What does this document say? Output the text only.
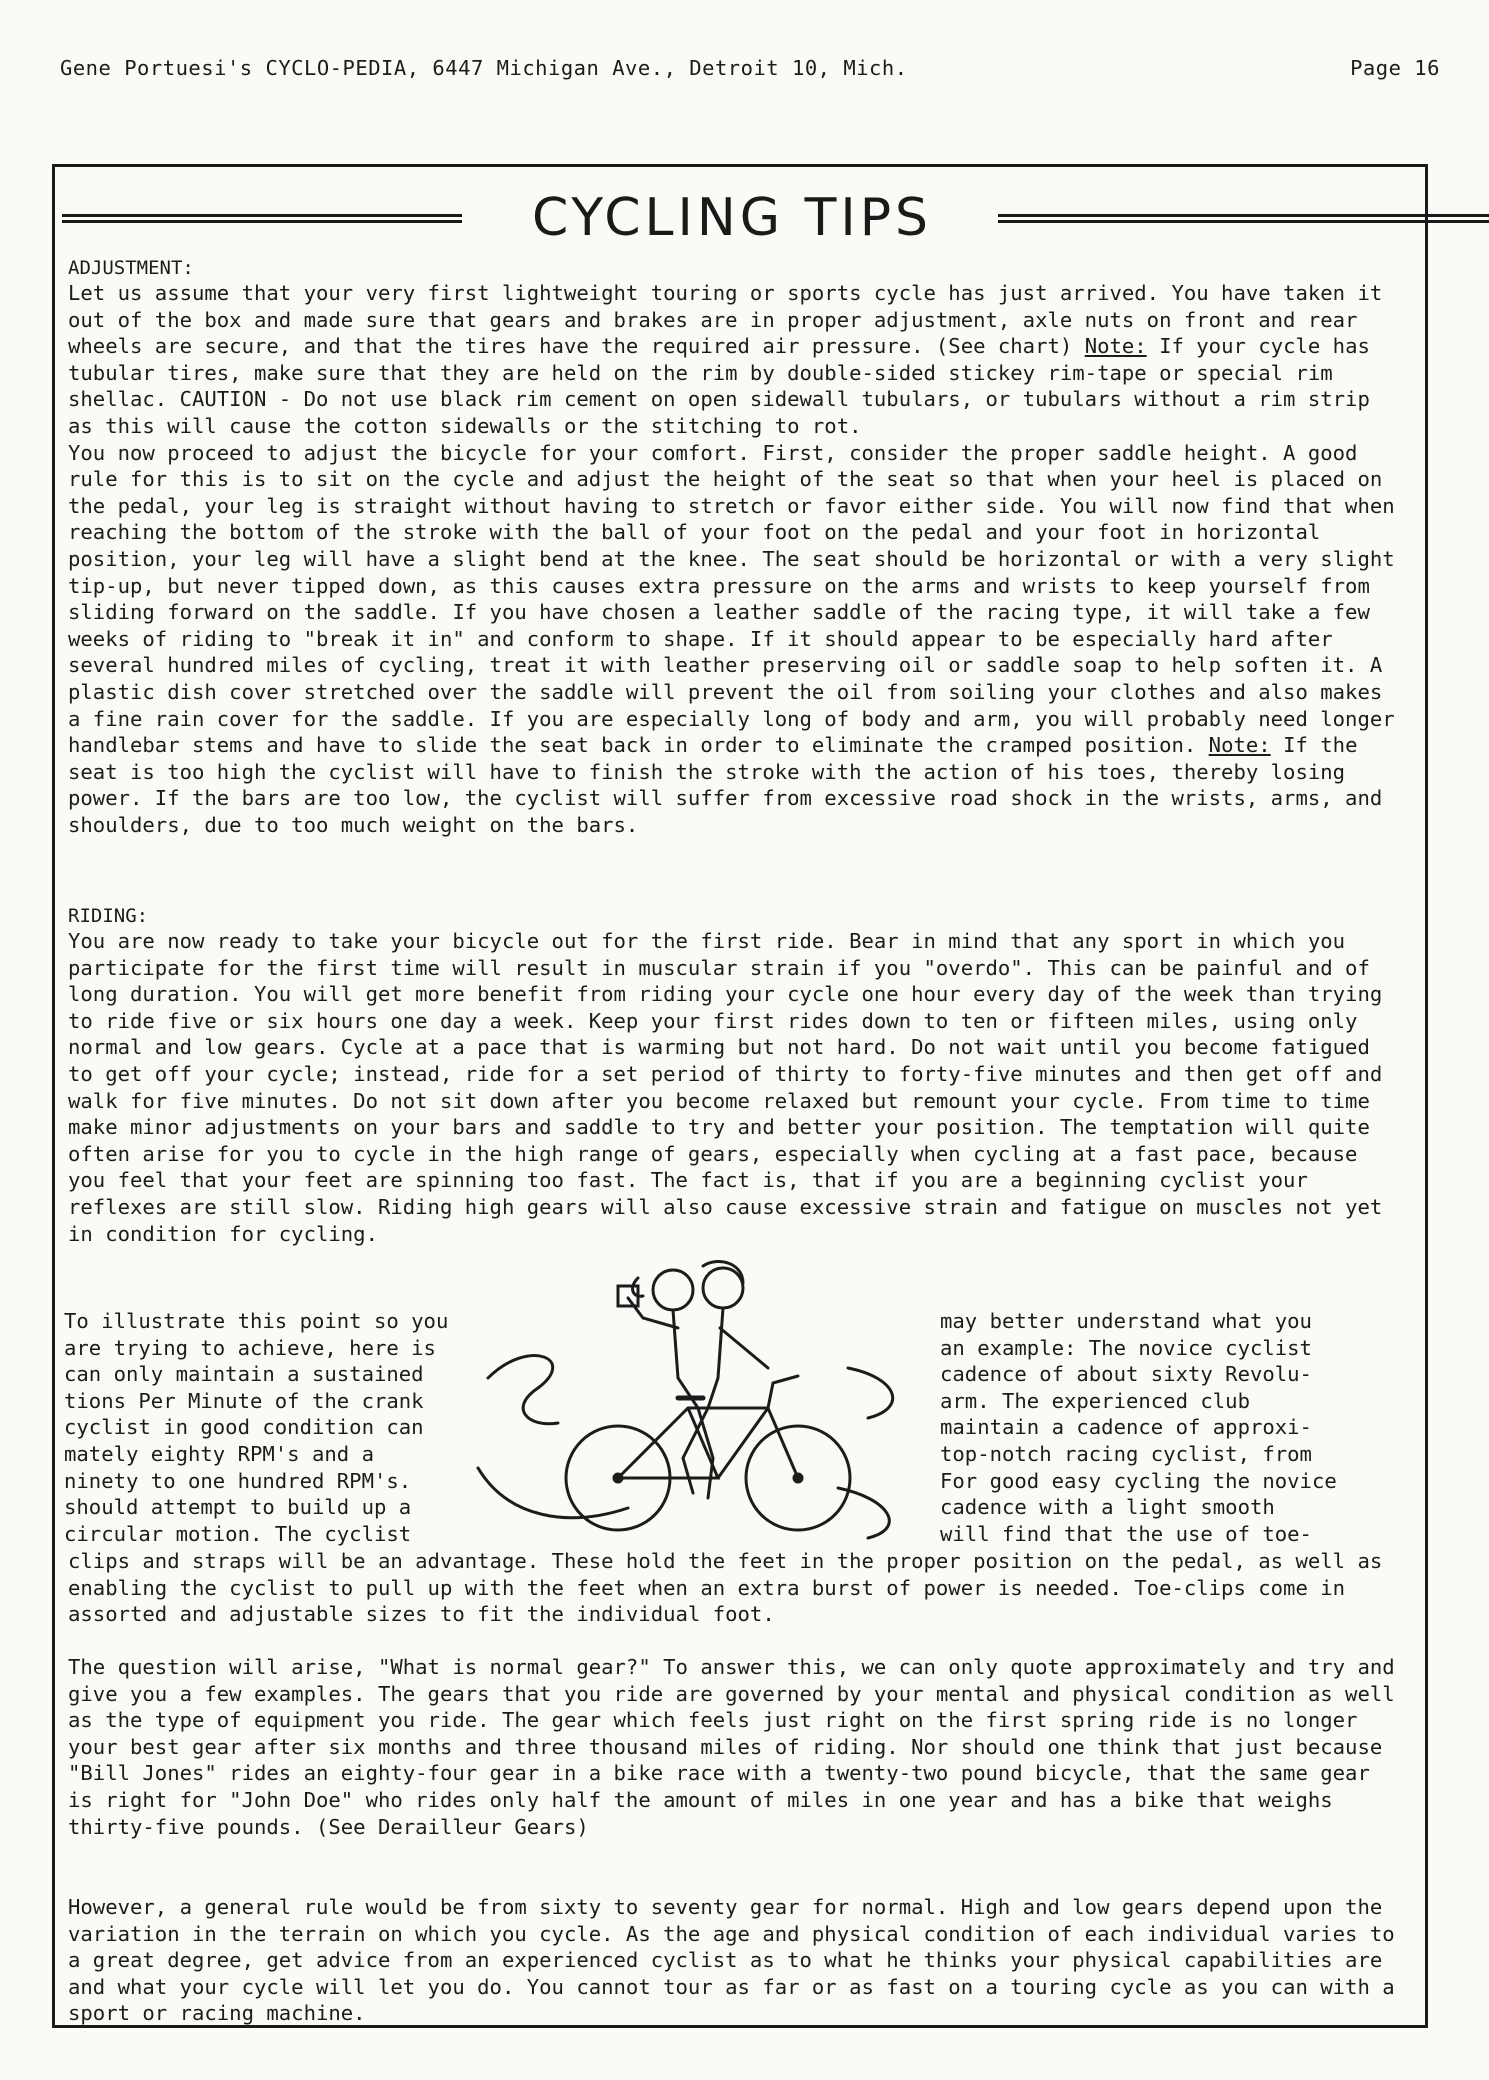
Gene Portuesi's CYCLO-PEDIA, 6447 Michigan Ave., Detroit 10, Mich.	Page 16
CYCLING TIPS
ADJUSTMENT:

Let us assume that your very first lightweight touring or sports cycle has just arrived. You have taken it out of the box and made sure that gears and brakes are in proper adjustment, axle nuts on front and rear wheels are secure, and that the tires have the required air pressure. (See chart) Note: If your cycle has tubular tires, make sure that they are held on the rim by double-sided stickey rim-tape or special rim shellac. CAUTION - Do not use black rim cement on open sidewall tubulars, or tubulars without a rim strip as this will cause the cotton sidewalls or the stitching to rot.

You now proceed to adjust the bicycle for your comfort. First, consider the proper saddle height. A good rule for this is to sit on the cycle and adjust the height of the seat so that when your heel is placed on the pedal, your leg is straight without having to stretch or favor either side. You will now find that when reaching the bottom of the stroke with the ball of your foot on the pedal and your foot in horizontal position, your leg will have a slight bend at the knee. The seat should be horizontal or with a very slight tip-up, but never tipped down, as this causes extra pressure on the arms and wrists to keep yourself from sliding forward on the saddle. If you have chosen a leather saddle of the racing type, it will take a few weeks of riding to "break it in" and conform to shape. If it should appear to be especially hard after several hundred miles of cycling, treat it with leather preserving oil or saddle soap to help soften it. A plastic dish cover stretched over the saddle will prevent the oil from soiling your clothes and also makes a fine rain cover for the saddle. If you are especially long of body and arm, you will probably need longer handlebar stems and have to slide the seat back in order to eliminate the cramped position. Note: If the seat is too high the cyclist will have to finish the stroke with the action of his toes, thereby losing power. If the bars are too low, the cyclist will suffer from excessive road shock in the wrists, arms, and shoulders, due to too much weight on the bars.

RIDING:

You are now ready to take your bicycle out for the first ride. Bear in mind that any sport in which you participate for the first time will result in muscular strain if you "overdo". This can be painful and of long duration. You will get more benefit from riding your cycle one hour every day of the week than trying to ride five or six hours one day a week. Keep your first rides down to ten or fifteen miles, using only normal and low gears. Cycle at a pace that is warming but not hard. Do not wait until you become fatigued to get off your cycle; instead, ride for a set period of thirty to forty-five minutes and then get off and walk for five minutes. Do not sit down after you become relaxed but remount your cycle. From time to time make minor adjustments on your bars and saddle to try and better your position. The temptation will quite often arise for you to cycle in the high range of gears, especially when cycling at a fast pace, because you feel that your feet are spinning too fast. The fact is, that if you are a beginning cyclist your reflexes are still slow. Riding high gears will also cause excessive strain and fatigue on muscles not yet in condition for cycling.

To illustrate this point so you
are trying to achieve, here is
can only maintain a sustained
tions Per Minute of the crank
cyclist in good condition can
mately eighty RPM's and a
ninety to one hundred RPM's.
should attempt to build up a
circular motion. The cyclist
may better understand what you
an example: The novice cyclist
cadence of about sixty Revolu-
arm. The experienced club
maintain a cadence of approxi-
top-notch racing cyclist, from
For good easy cycling the novice
cadence with a light smooth
will find that the use of toe-

clips and straps will be an advantage. These hold the feet in the proper position on the pedal, as well as enabling the cyclist to pull up with the feet when an extra burst of power is needed. Toe-clips come in assorted and adjustable sizes to fit the individual foot.

The question will arise, "What is normal gear?" To answer this, we can only quote approximately and try and give you a few examples. The gears that you ride are governed by your mental and physical condition as well as the type of equipment you ride. The gear which feels just right on the first spring ride is no longer your best gear after six months and three thousand miles of riding. Nor should one think that just because "Bill Jones" rides an eighty-four gear in a bike race with a twenty-two pound bicycle, that the same gear is right for "John Doe" who rides only half the amount of miles in one year and has a bike that weighs thirty-five pounds. (See Derailleur Gears)

However, a general rule would be from sixty to seventy gear for normal. High and low gears depend upon the variation in the terrain on which you cycle. As the age and physical condition of each individual varies to a great degree, get advice from an experienced cyclist as to what he thinks your physical capabilities are and what your cycle will let you do. You cannot tour as far or as fast on a touring cycle as you can with a sport or racing machine.
